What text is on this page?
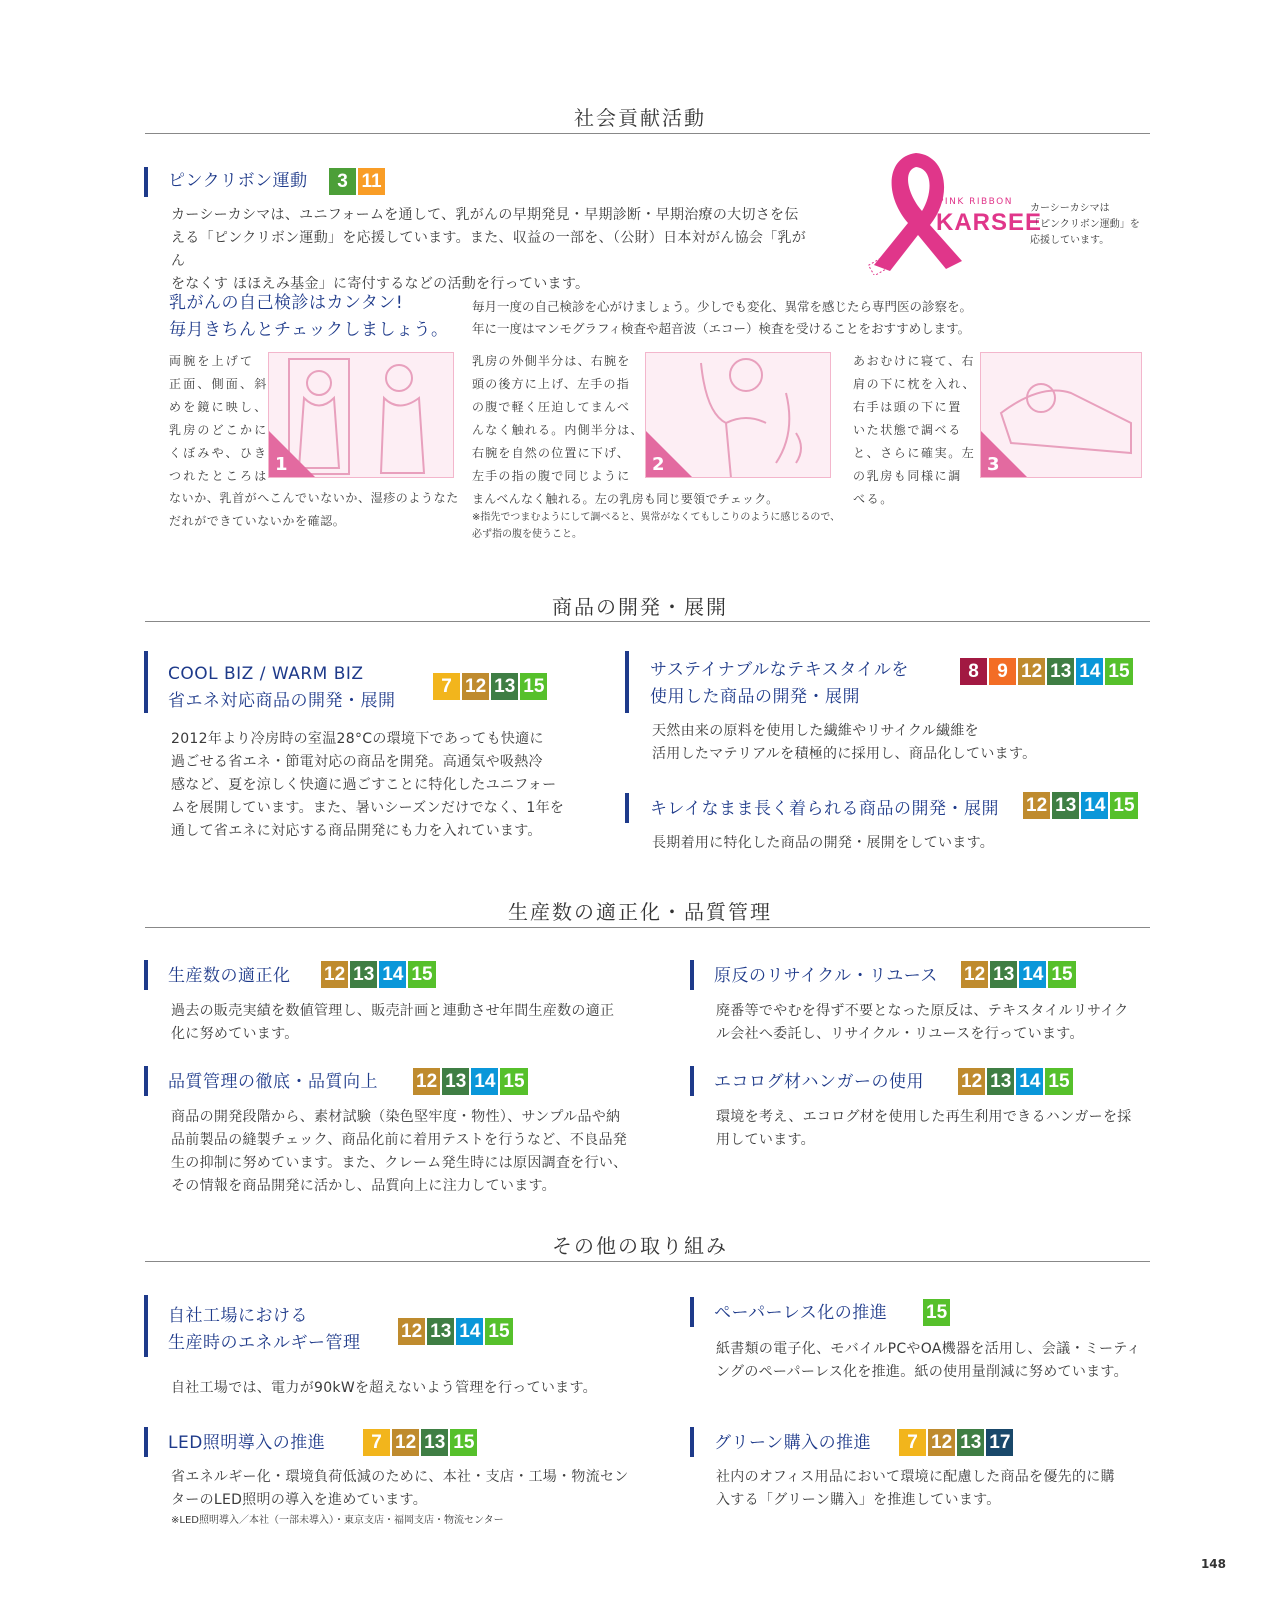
社会貢献活動
ピンクリボン運動	3 11
カーシーカシマは、ユニフォームを通して、乳がんの早期発見・早期診断・早期治療の大切さを伝
える「ピンクリボン運動」を応援しています。また、収益の一部を、（公財）日本対がん協会「乳がん
をなくす ほほえみ基金」に寄付するなどの活動を行っています。
PINK RIBBON
KARSEE
カーシーカシマは
「ピンクリボン運動」を
応援しています。
乳がんの自己検診はカンタン!
毎月きちんとチェックしましょう。
毎月一度の自己検診を心がけましょう。少しでも変化、異常を感じたら専門医の診察を。
年に一度はマンモグラフィ検査や超音波（エコー）検査を受けることをおすすめします。
両腕を上げて
正面、側面、斜
めを鏡に映し、
乳房のどこかに
くぼみや、ひき
つれたところは
1
ないか、乳首がへこんでいないか、湿疹のようなた
だれができていないかを確認。
乳房の外側半分は、右腕を
頭の後方に上げ、左手の指
の腹で軽く圧迫してまんべ
んなく触れる。内側半分は、
右腕を自然の位置に下げ、
左手の指の腹で同じように
まんべんなく触れる。左の乳房も同じ要領でチェック。
2
※指先でつまむようにして調べると、異常がなくてもしこりのように感じるので、
必ず指の腹を使うこと。
あおむけに寝て、右
肩の下に枕を入れ、
右手は頭の下に置
いた状態で調べる
と、さらに確実。左
の乳房も同様に調
べる。
3
商品の開発・展開
COOL BIZ / WARM BIZ
省エネ対応商品の開発・展開
7 12 13 15
2012年より冷房時の室温28°Cの環境下であっても快適に
過ごせる省エネ・節電対応の商品を開発。高通気や吸熱冷
感など、夏を涼しく快適に過ごすことに特化したユニフォー
ムを展開しています。また、暑いシーズンだけでなく、1年を
通して省エネに対応する商品開発にも力を入れています。
サステイナブルなテキスタイルを
使用した商品の開発・展開
8 9 12 13 14 15
天然由来の原料を使用した繊維やリサイクル繊維を
活用したマテリアルを積極的に採用し、商品化しています。
キレイなまま長く着られる商品の開発・展開 12 13 14 15
長期着用に特化した商品の開発・展開をしています。
生産数の適正化・品質管理
生産数の適正化 12 13 14 15
過去の販売実績を数値管理し、販売計画と連動させ年間生産数の適正
化に努めています。
原反のリサイクル・リユース 12 13 14 15
廃番等でやむを得ず不要となった原反は、テキスタイルリサイク
ル会社へ委託し、リサイクル・リユースを行っています。
品質管理の徹底・品質向上 12 13 14 15
商品の開発段階から、素材試験（染色堅牢度・物性）、サンプル品や納
品前製品の縫製チェック、商品化前に着用テストを行うなど、不良品発
生の抑制に努めています。また、クレーム発生時には原因調査を行い、
その情報を商品開発に活かし、品質向上に注力しています。
エコログ材ハンガーの使用 12 13 14 15
環境を考え、エコログ材を使用した再生利用できるハンガーを採
用しています。
その他の取り組み
自社工場における
生産時のエネルギー管理
12 13 14 15
自社工場では、電力が90kWを超えないよう管理を行っています。
ペーパーレス化の推進 15
紙書類の電子化、モバイルPCやOA機器を活用し、会議・ミーティ
ングのペーパーレス化を推進。紙の使用量削減に努めています。
LED照明導入の推進	7 12 13 15
省エネルギー化・環境負荷低減のために、本社・支店・工場・物流セン
ターのLED照明の導入を進めています。
※LED照明導入／本社（一部未導入）・東京支店・福岡支店・物流センター
グリーン購入の推進	7 12 13 17
社内のオフィス用品において環境に配慮した商品を優先的に購
入する「グリーン購入」を推進しています。
148
